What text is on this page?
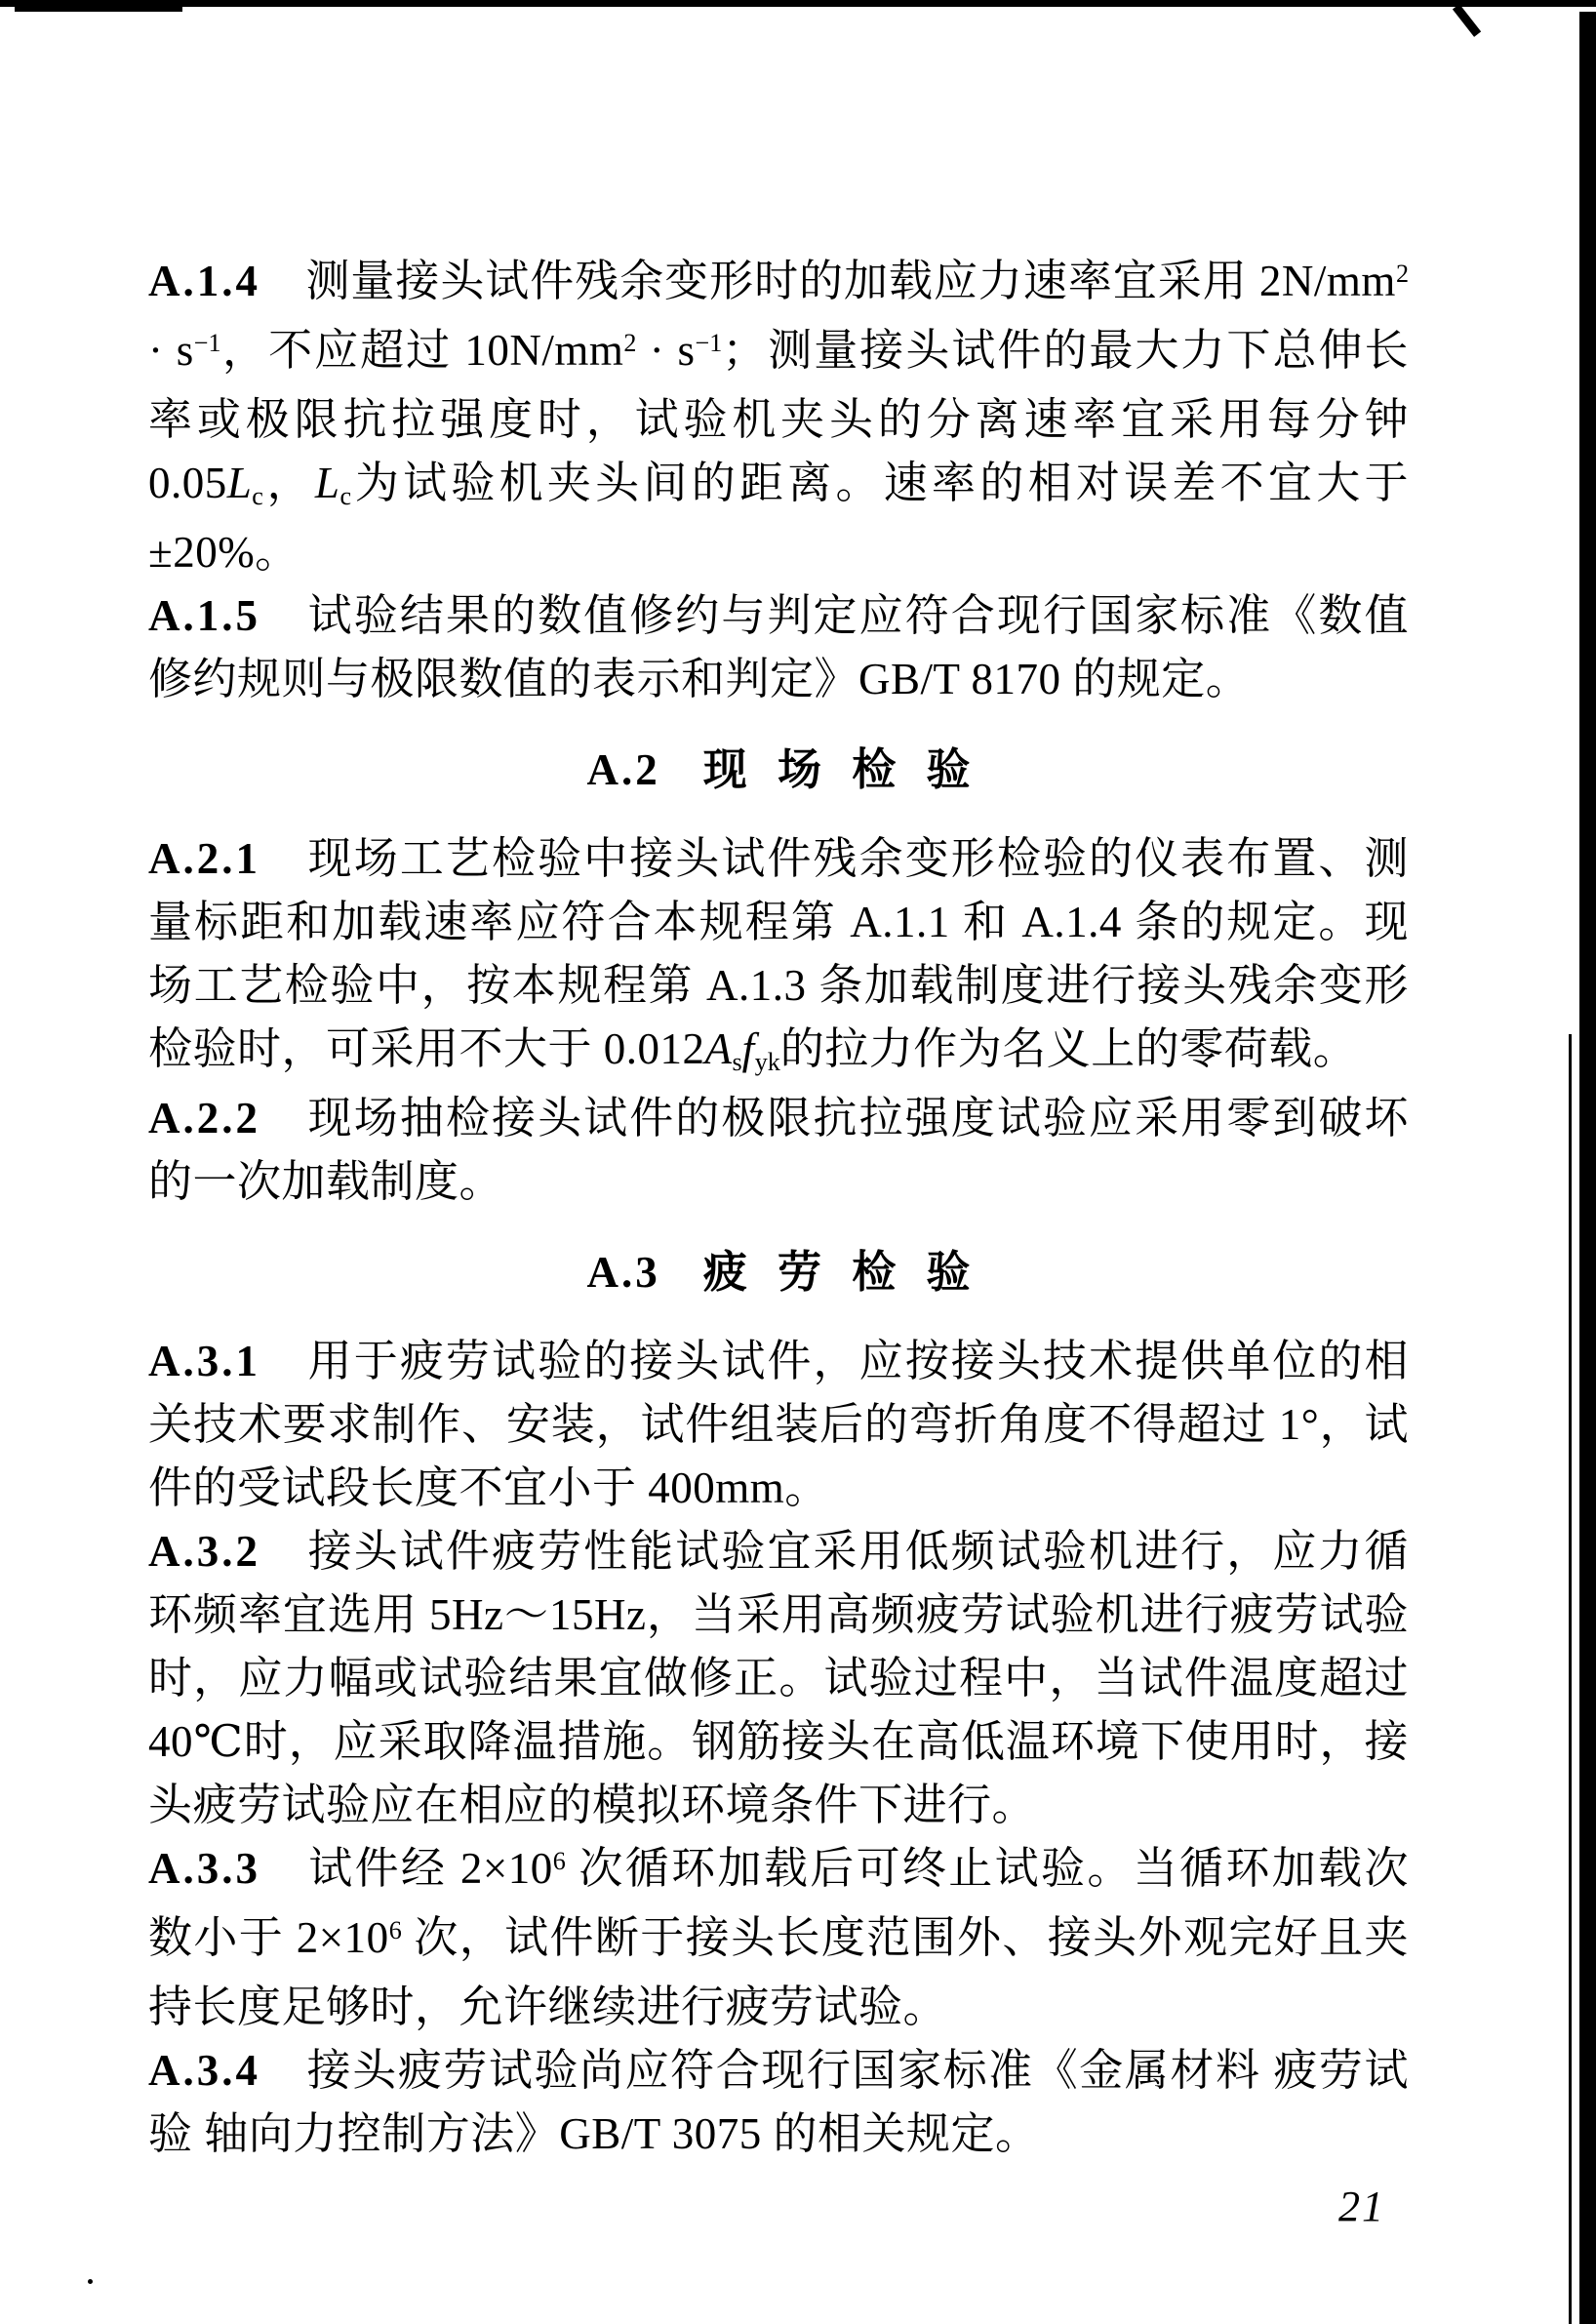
A.1.4　 测量接头试件残余变形时的加载应力速率宜采用 $2N/mm^2 \cdot s^{-1}$，不应超过 $10N/mm^2 \cdot s^{-1}$；测量接头试件的最大力下总伸长率或极限抗拉强度时，试验机夹头的分离速率宜采用每分钟 0.05Lc，Lc为试验机夹头间的距离。速率的相对误差不宜大于±20%。

A.1.5　 试验结果的数值修约与判定应符合现行国家标准《数值修约规则与极限数值的表示和判定》GB/T 8170 的规定。

A.2 现 场 检 验

A.2.1　 现场工艺检验中接头试件残余变形检验的仪表布置、测量标距和加载速率应符合本规程第 A.1.1 和 A.1.4 条的规定。现场工艺检验中，按本规程第 A.1.3 条加载制度进行接头残余变形检验时，可采用不大于 0.012Asfyk的拉力作为名义上的零荷载。

A.2.2　 现场抽检接头试件的极限抗拉强度试验应采用零到破坏的一次加载制度。

A.3 疲 劳 检 验

A.3.1　 用于疲劳试验的接头试件，应按接头技术提供单位的相关技术要求制作、安装，试件组装后的弯折角度不得超过 1°，试件的受试段长度不宜小于 400mm。

A.3.2　 接头试件疲劳性能试验宜采用低频试验机进行，应力循环频率宜选用 5Hz～15Hz，当采用高频疲劳试验机进行疲劳试验时，应力幅或试验结果宜做修正。试验过程中，当试件温度超过 40℃时，应采取降温措施。钢筋接头在高低温环境下使用时，接头疲劳试验应在相应的模拟环境条件下进行。

A.3.3　 试件经 $2\times 10^6$ 次循环加载后可终止试验。当循环加载次数小于 $2\times 10^6$ 次，试件断于接头长度范围外、接头外观完好且夹持长度足够时，允许继续进行疲劳试验。

A.3.4　 接头疲劳试验尚应符合现行国家标准《金属材料 疲劳试验 轴向力控制方法》GB/T 3075 的相关规定。

21
